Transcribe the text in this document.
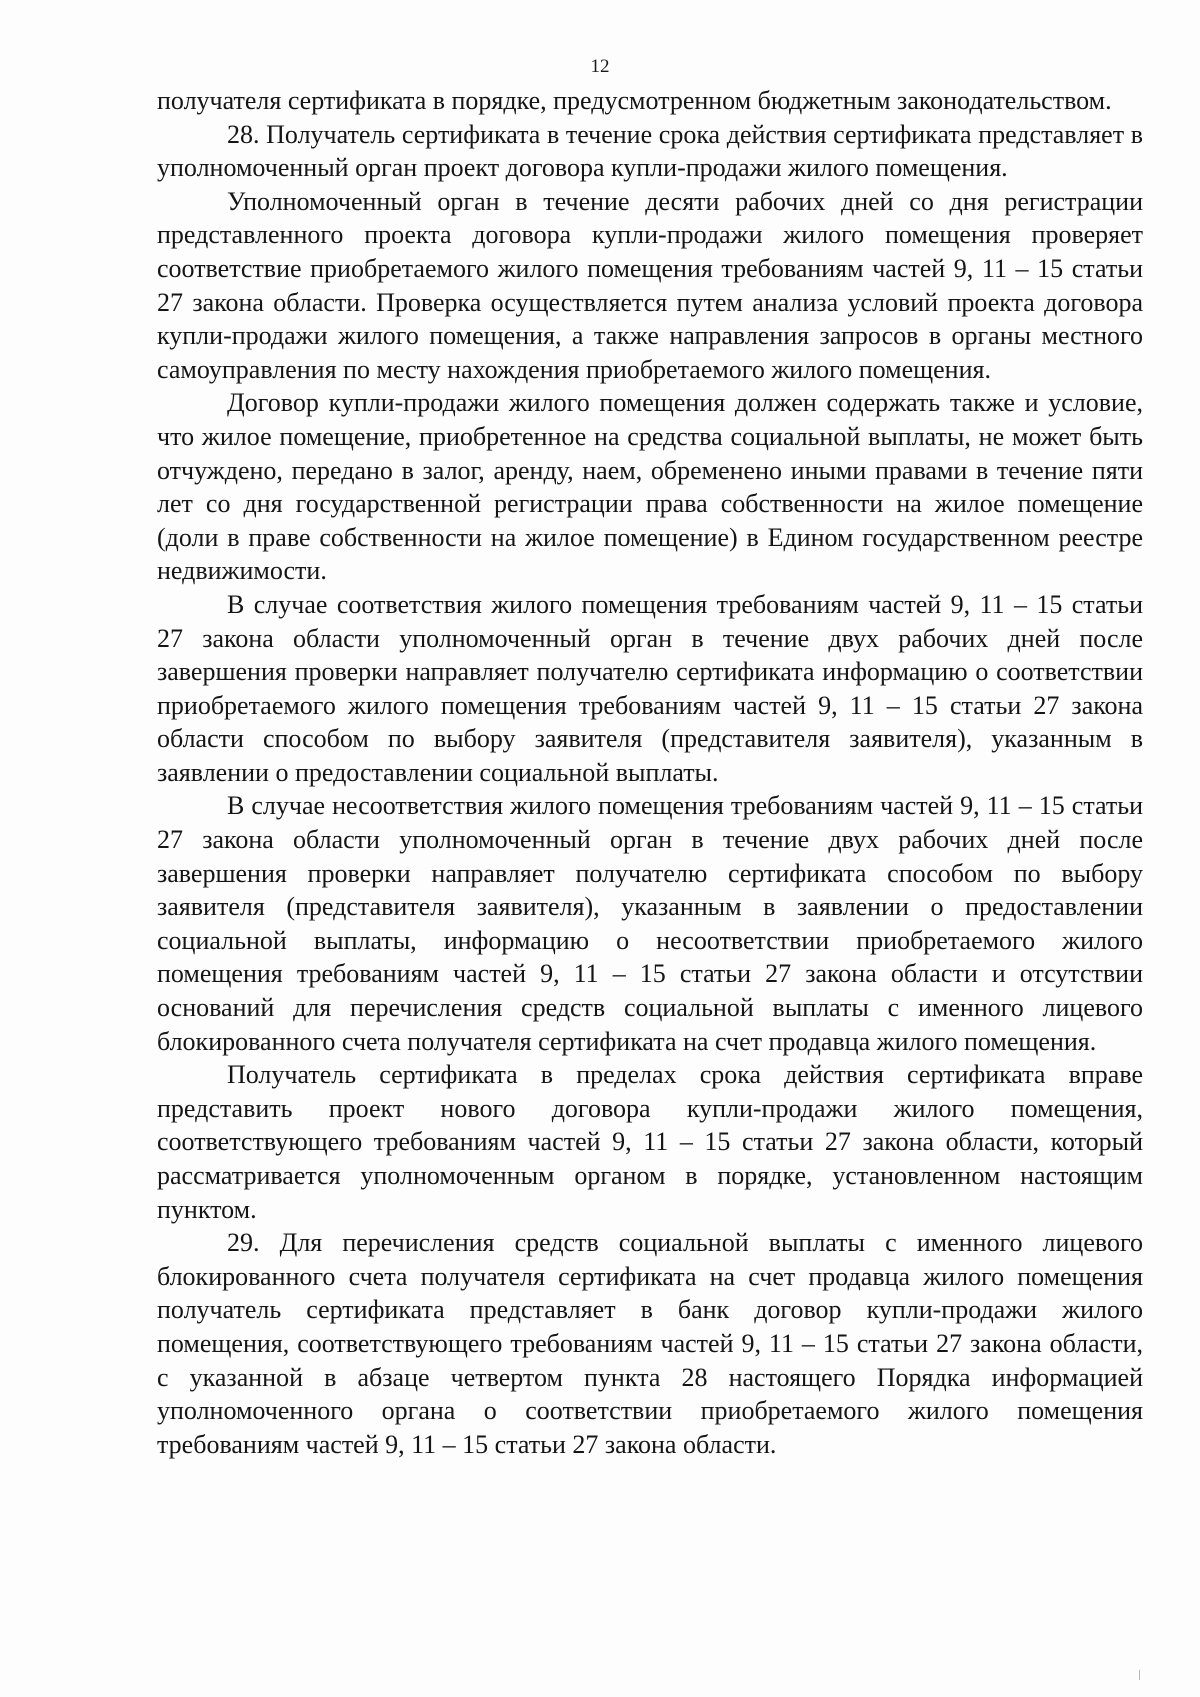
12

получателя сертификата в порядке, предусмотренном бюджетным законодательством.

28. Получатель сертификата в течение срока действия сертификата представляет в уполномоченный орган проект договора купли-продажи жилого помещения.

Уполномоченный орган в течение десяти рабочих дней со дня регистрации представленного проекта договора купли-продажи жилого помещения проверяет соответствие приобретаемого жилого помещения требованиям частей 9, 11 – 15 статьи 27 закона области. Проверка осуществляется путем анализа условий проекта договора купли-продажи жилого помещения, а также направления запросов в органы местного самоуправления по месту нахождения приобретаемого жилого помещения.

Договор купли-продажи жилого помещения должен содержать также и условие, что жилое помещение, приобретенное на средства социальной выплаты, не может быть отчуждено, передано в залог, аренду, наем, обременено иными правами в течение пяти лет со дня государственной регистрации права собственности на жилое помещение (доли в праве собственности на жилое помещение) в Едином государственном реестре недвижимости.

В случае соответствия жилого помещения требованиям частей 9, 11 – 15 статьи 27 закона области уполномоченный орган в течение двух рабочих дней после завершения проверки направляет получателю сертификата информацию о соответствии приобретаемого жилого помещения требованиям частей 9, 11 – 15 статьи 27 закона области способом по выбору заявителя (представителя заявителя), указанным в заявлении о предоставлении социальной выплаты.

В случае несоответствия жилого помещения требованиям частей 9, 11 – 15 статьи 27 закона области уполномоченный орган в течение двух рабочих дней после завершения проверки направляет получателю сертификата способом по выбору заявителя (представителя заявителя), указанным в заявлении о предоставлении социальной выплаты, информацию о несоответствии приобретаемого жилого помещения требованиям частей 9, 11 – 15 статьи 27 закона области и отсутствии оснований для перечисления средств социальной выплаты с именного лицевого блокированного счета получателя сертификата на счет продавца жилого помещения.

Получатель сертификата в пределах срока действия сертификата вправе представить проект нового договора купли-продажи жилого помещения, соответствующего требованиям частей 9, 11 – 15 статьи 27 закона области, который рассматривается уполномоченным органом в порядке, установленном настоящим пунктом.

29. Для перечисления средств социальной выплаты с именного лицевого блокированного счета получателя сертификата на счет продавца жилого помещения получатель сертификата представляет в банк договор купли-продажи жилого помещения, соответствующего требованиям частей 9, 11 – 15 статьи 27 закона области, с указанной в абзаце четвертом пункта 28 настоящего Порядка информацией уполномоченного органа о соответствии приобретаемого жилого помещения требованиям частей 9, 11 – 15 статьи 27 закона области.
